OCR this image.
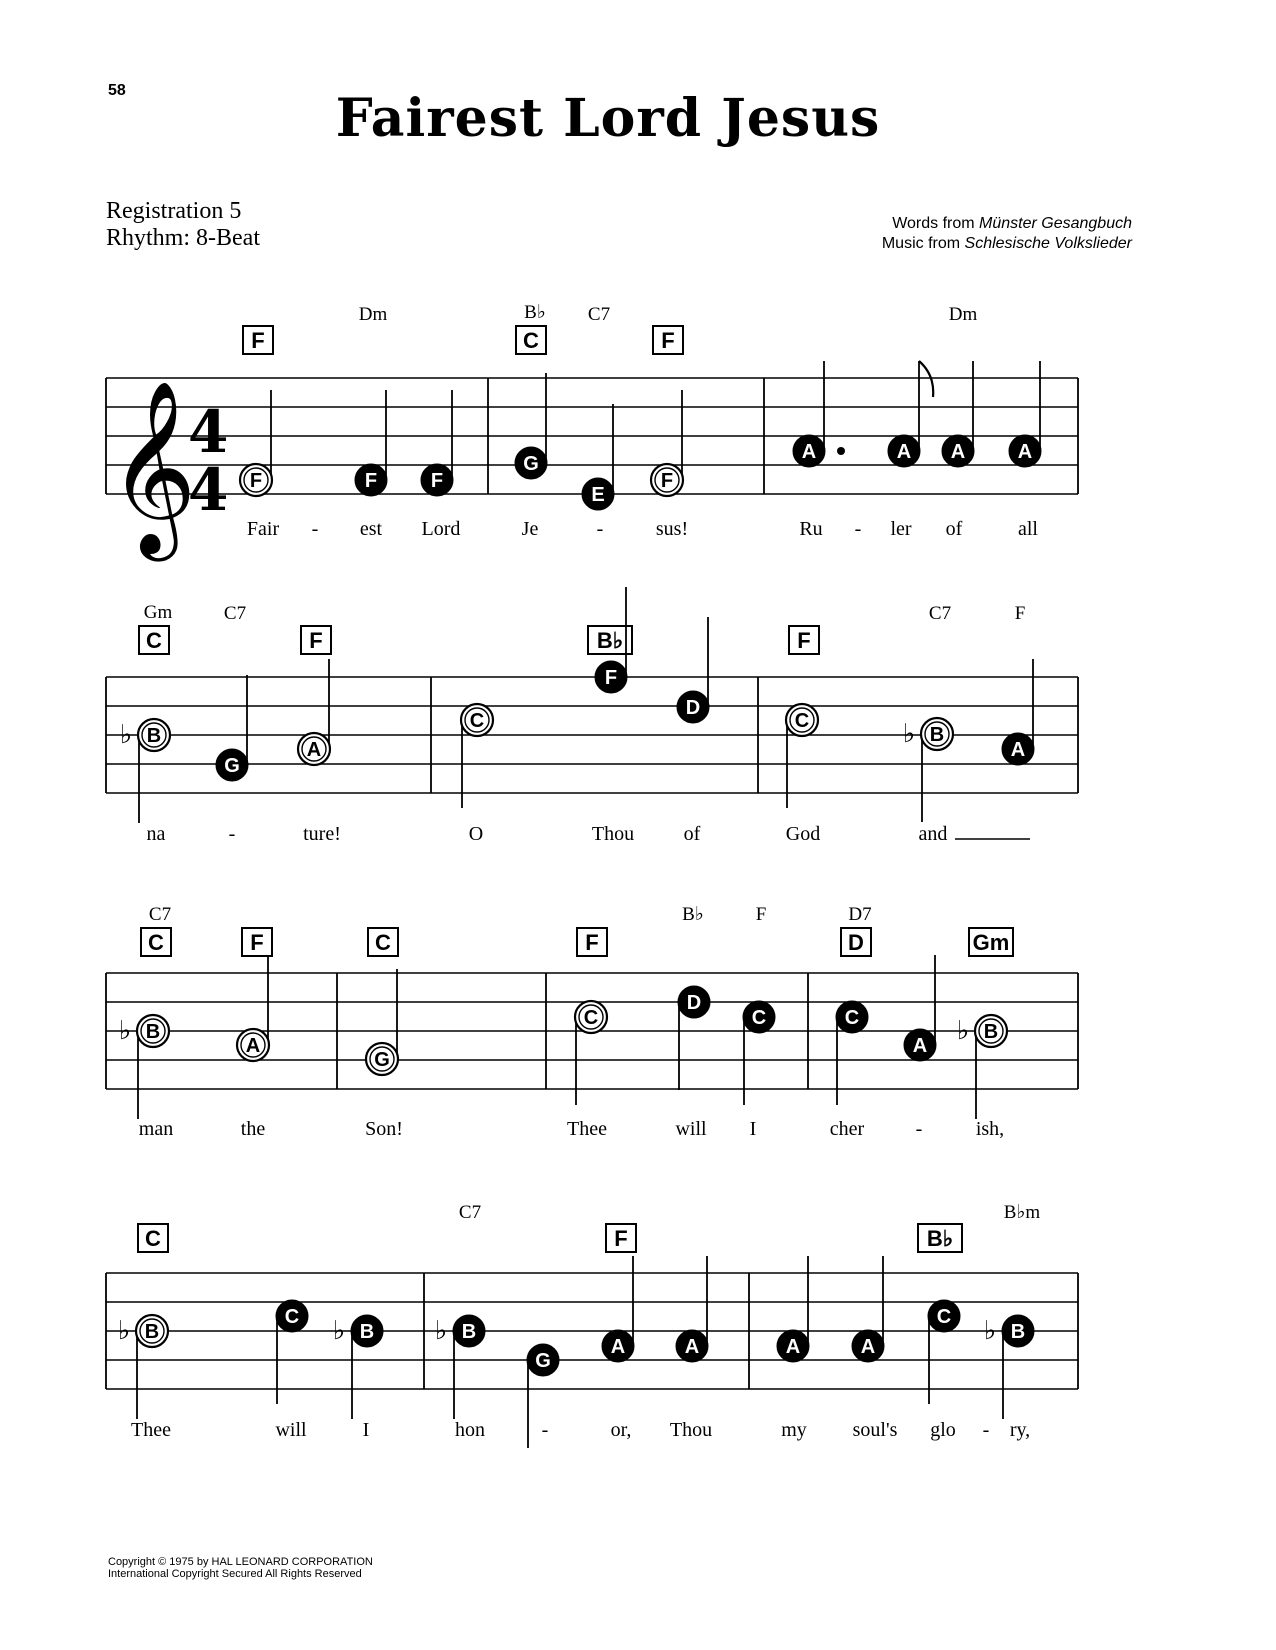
58	Fairest Lord Jesus
Registration 5
Rhythm: 8-Beat
Words from Münster Gesangbuch
Music from Schlesische Volkslieder
𝄞
4
4
F
Dm
C
B♭ C7
F
Dm
F	F	F
G
E
F
A	A A	A
Fair - est Lord	Je	-	sus!	Ru - ler of	all
C
Gm	C7
F	B♭	F
C7	F
B
♭
G
A
C
F
D
C
B
♭
A
na	-	ture!	O	Thou of	God	and
C
C7
F	C	F
B♭	F
D
D7
Gm
B
♭	A
G
C
D
C	C
A
B
♭
man	the	Son!	Thee	will I	cher	-	ish,
C
C7
F	B♭
B♭m
B
♭	C
B
♭	B
♭
G
A	A	A	A
C
B
♭
Thee	will	I	hon	-	or, Thou	my soul's glo - ry,
Copyright © 1975 by HAL LEONARD CORPORATION
International Copyright Secured All Rights Reserved
